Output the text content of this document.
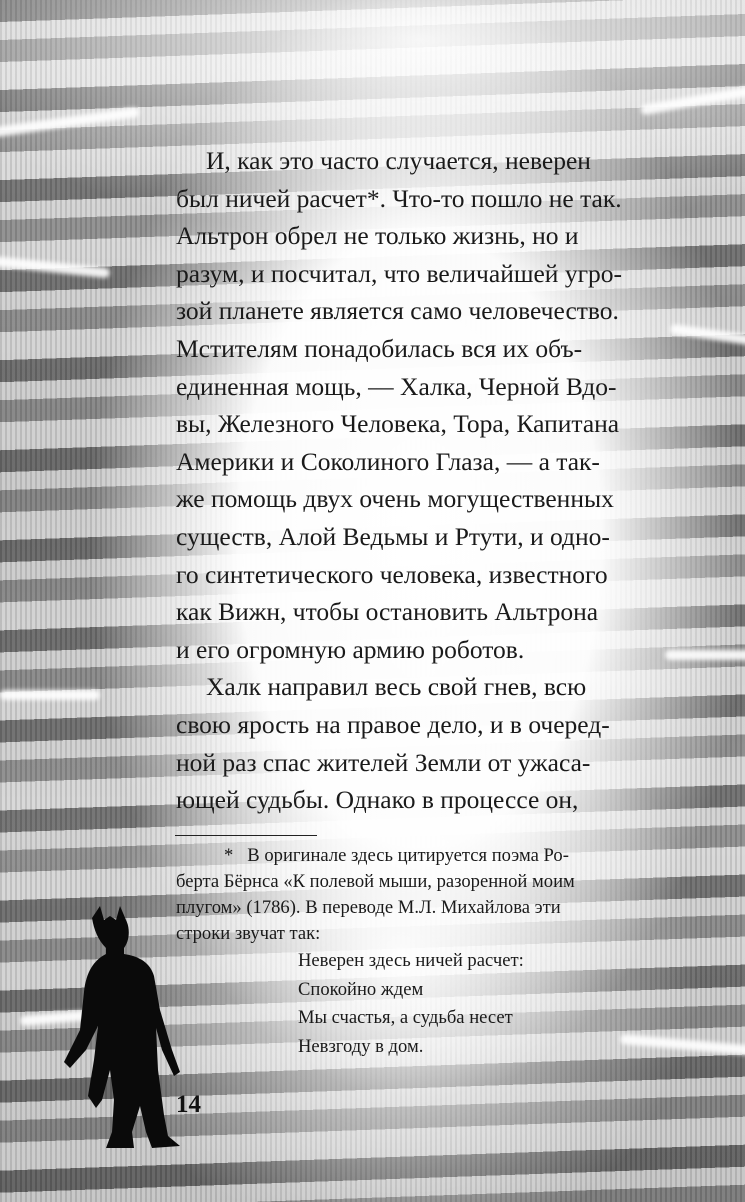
И, как это часто случается, неверен
был ничей расчет*. Что-то пошло не так.
Альтрон обрел не только жизнь, но и
разум, и посчитал, что величайшей угро-
зой планете является само человечество.
Мстителям понадобилась вся их объ-
единенная мощь, — Халка, Черной Вдо-
вы, Железного Человека, Тора, Капитана
Америки и Соколиного Глаза, — а так-
же помощь двух очень могущественных
существ, Алой Ведьмы и Ртути, и одно-
го синтетического человека, известного
как Вижн, чтобы остановить Альтрона
и его огромную армию роботов.

Халк направил весь свой гнев, всю
свою ярость на правое дело, и в очеред-
ной раз спас жителей Земли от ужаса-
ющей судьбы. Однако в процессе он,

* В оригинале здесь цитируется поэма Ро-
берта Бёрнса «К полевой мыши, разоренной моим
плугом» (1786). В переводе М.Л. Михайлова эти
строки звучат так:

Неверен здесь ничей расчет:
Спокойно ждем
Мы счастья, а судьба несет
Невзгоду в дом.
14
